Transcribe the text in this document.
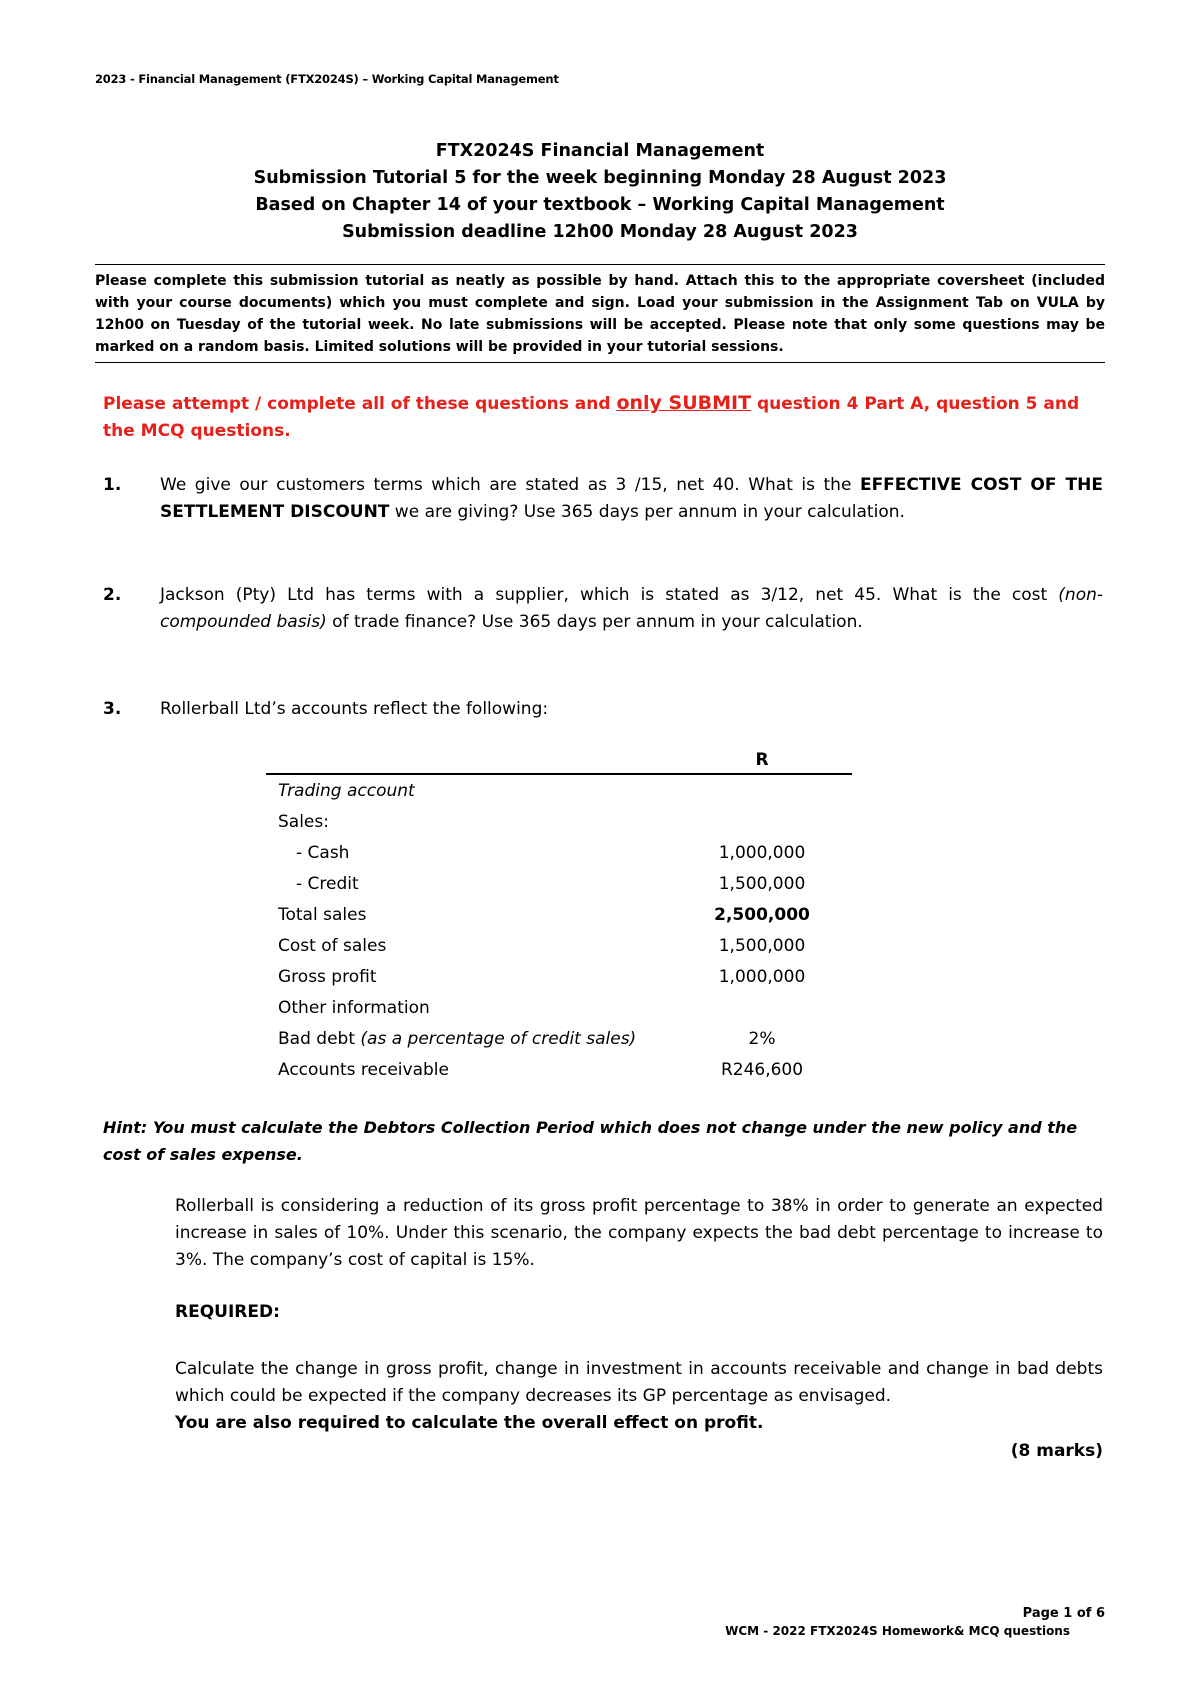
2023 - Financial Management (FTX2024S) – Working Capital Management
FTX2024S Financial Management
Submission Tutorial 5 for the week beginning Monday 28 August 2023
Based on Chapter 14 of your textbook – Working Capital Management
Submission deadline 12h00 Monday 28 August 2023
Please complete this submission tutorial as neatly as possible by hand. Attach this to the appropriate coversheet (included with your course documents) which you must complete and sign. Load your submission in the Assignment Tab on VULA by 12h00 on Tuesday of the tutorial week. No late submissions will be accepted. Please note that only some questions may be marked on a random basis. Limited solutions will be provided in your tutorial sessions.
Please attempt / complete all of these questions and only SUBMIT question 4 Part A, question 5 and the MCQ questions.
1. We give our customers terms which are stated as 3 /15, net 40. What is the EFFECTIVE COST OF THE SETTLEMENT DISCOUNT we are giving? Use 365 days per annum in your calculation.
2. Jackson (Pty) Ltd has terms with a supplier, which is stated as 3/12, net 45. What is the cost (non-compounded basis) of trade finance? Use 365 days per annum in your calculation.
3. Rollerball Ltd’s accounts reflect the following:
	R
Trading account	
Sales:	
- Cash	1,000,000
- Credit	1,500,000
Total sales	2,500,000
Cost of sales	1,500,000
Gross profit	1,000,000
Other information	
Bad debt (as a percentage of credit sales)	2%
Accounts receivable	R246,600
Hint: You must calculate the Debtors Collection Period which does not change under the new policy and the cost of sales expense.
Rollerball is considering a reduction of its gross profit percentage to 38% in order to generate an expected increase in sales of 10%. Under this scenario, the company expects the bad debt percentage to increase to 3%. The company’s cost of capital is 15%.
REQUIRED:
Calculate the change in gross profit, change in investment in accounts receivable and change in bad debts which could be expected if the company decreases its GP percentage as envisaged.
You are also required to calculate the overall effect on profit.
(8 marks)
Page 1 of 6
WCM - 2022 FTX2024S Homework& MCQ questions
